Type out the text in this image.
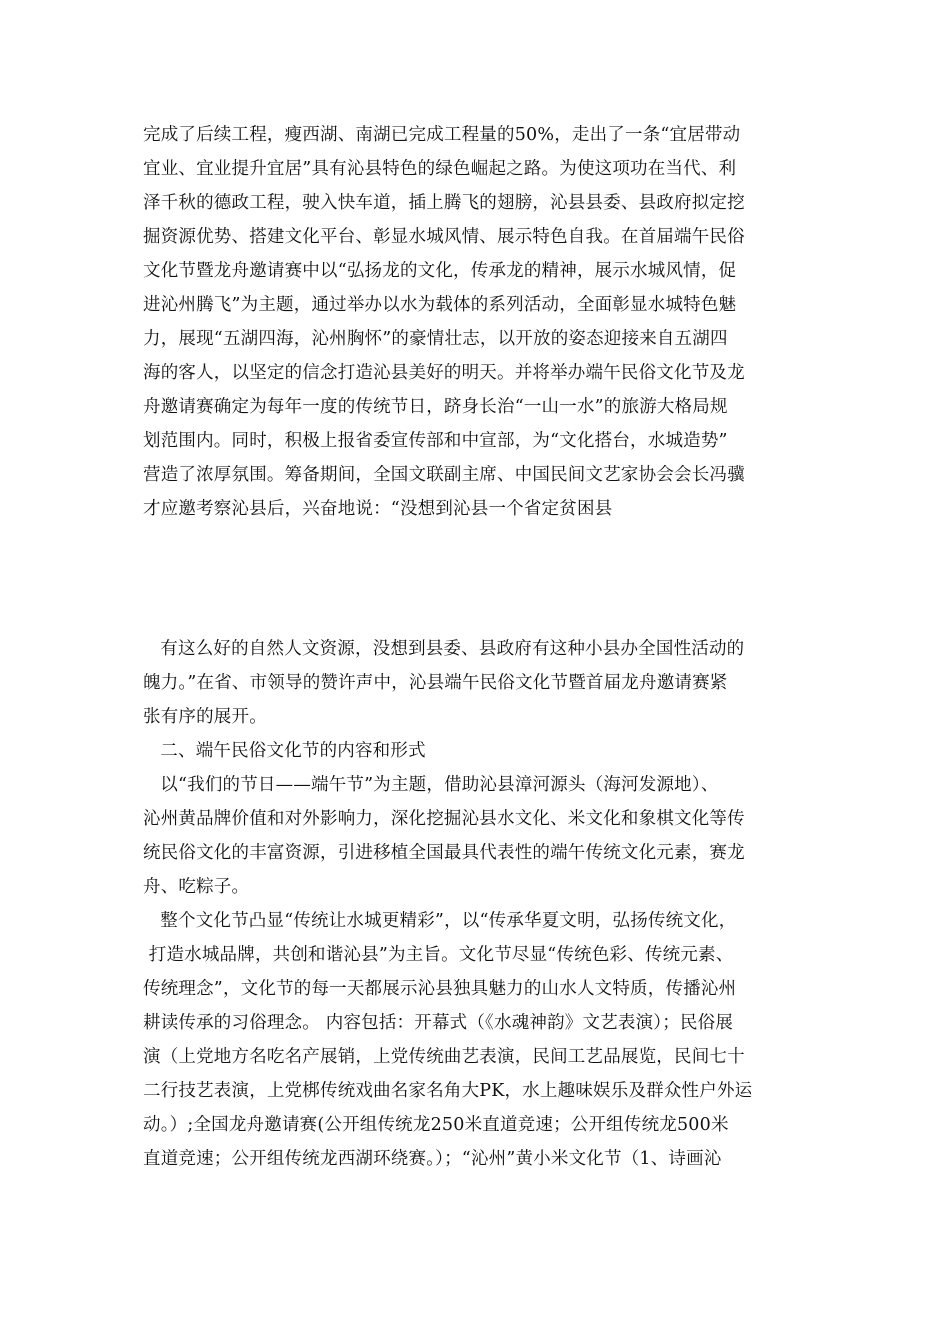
完成了后续工程，瘦西湖、南湖已完成工程量的50%，走出了一条“宜居带动
宜业、宜业提升宜居”具有沁县特色的绿色崛起之路。为使这项功在当代、利
泽千秋的德政工程，驶入快车道，插上腾飞的翅膀，沁县县委、县政府拟定挖
掘资源优势、搭建文化平台、彰显水城风情、展示特色自我。在首届端午民俗
文化节暨龙舟邀请赛中以“弘扬龙的文化，传承龙的精神，展示水城风情，促
进沁州腾飞”为主题，通过举办以水为载体的系列活动，全面彰显水城特色魅
力，展现“五湖四海，沁州胸怀”的豪情壮志，以开放的姿态迎接来自五湖四
海的客人，以坚定的信念打造沁县美好的明天。并将举办端午民俗文化节及龙
舟邀请赛确定为每年一度的传统节日，跻身长治“一山一水”的旅游大格局规
划范围内。同时，积极上报省委宣传部和中宣部，为“文化搭台，水城造势”
营造了浓厚氛围。筹备期间，全国文联副主席、中国民间文艺家协会会长冯骥
才应邀考察沁县后，兴奋地说：“没想到沁县一个省定贫困县
有这么好的自然人文资源，没想到县委、县政府有这种小县办全国性活动的
魄力。”在省、市领导的赞许声中，沁县端午民俗文化节暨首届龙舟邀请赛紧
张有序的展开。
二、端午民俗文化节的内容和形式
以“我们的节日——端午节”为主题，借助沁县漳河源头（海河发源地）、
沁州黄品牌价值和对外影响力，深化挖掘沁县水文化、米文化和象棋文化等传
统民俗文化的丰富资源，引进移植全国最具代表性的端午传统文化元素，赛龙
舟、吃粽子。
整个文化节凸显“传统让水城更精彩”，以“传承华夏文明，弘扬传统文化，
打造水城品牌，共创和谐沁县”为主旨。文化节尽显“传统色彩、传统元素、
传统理念”，文化节的每一天都展示沁县独具魅力的山水人文特质，传播沁州
耕读传承的习俗理念。 内容包括：开幕式（《水魂神韵》文艺表演）；民俗展
演（上党地方名吃名产展销，上党传统曲艺表演，民间工艺品展览，民间七十
二行技艺表演，上党梆传统戏曲名家名角大PK，水上趣味娱乐及群众性户外运
动。）;全国龙舟邀请赛(公开组传统龙250米直道竞速；公开组传统龙500米
直道竞速；公开组传统龙西湖环绕赛。）；“沁州”黄小米文化节（1、诗画沁
